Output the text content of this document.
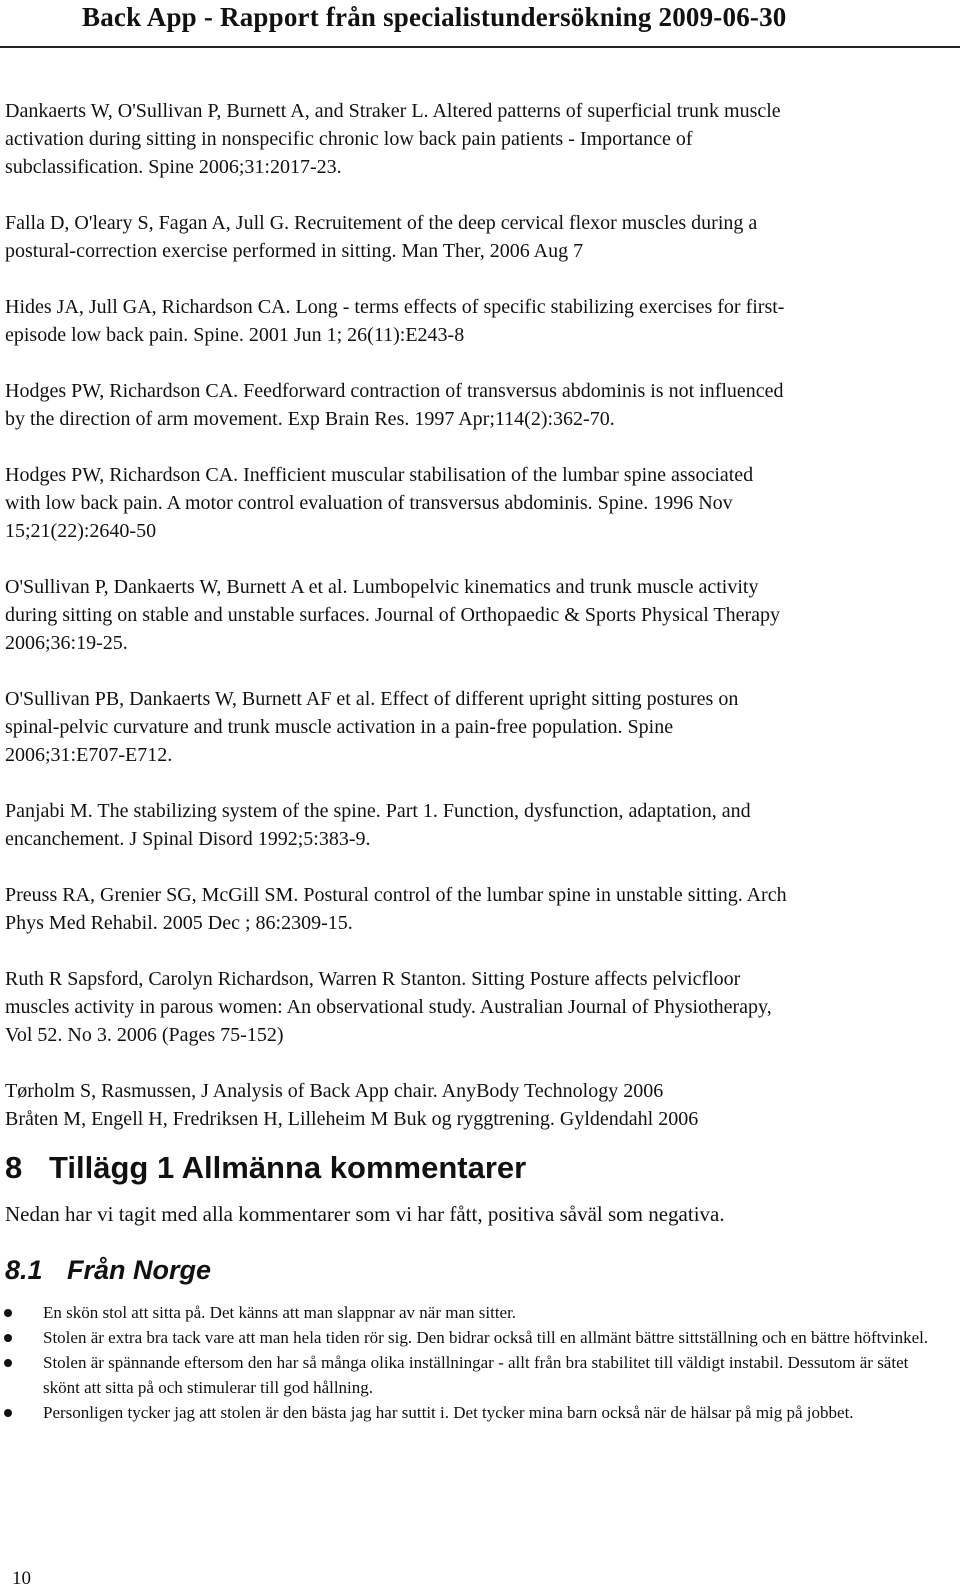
Back App - Rapport från specialistundersökning 2009-06-30
Dankaerts W, O'Sullivan P, Burnett A, and Straker L. Altered patterns of superficial trunk muscle
activation during sitting in nonspecific chronic low back pain patients - Importance of
subclassification. Spine 2006;31:2017-23.
Falla D, O'leary S, Fagan A, Jull G. Recruitement of the deep cervical flexor muscles during a
postural-correction exercise performed in sitting. Man Ther, 2006 Aug 7
Hides JA, Jull GA, Richardson CA. Long - terms effects of specific stabilizing exercises for first-
episode low back pain. Spine. 2001 Jun 1; 26(11):E243-8
Hodges PW, Richardson CA. Feedforward contraction of transversus abdominis is not influenced
by the direction of arm movement. Exp Brain Res. 1997 Apr;114(2):362-70.
Hodges PW, Richardson CA. Inefficient muscular stabilisation of the lumbar spine associated
with low back pain. A motor control evaluation of transversus abdominis. Spine. 1996 Nov
15;21(22):2640-50
O'Sullivan P, Dankaerts W, Burnett A et al. Lumbopelvic kinematics and trunk muscle activity
during sitting on stable and unstable surfaces. Journal of Orthopaedic & Sports Physical Therapy
2006;36:19-25.
O'Sullivan PB, Dankaerts W, Burnett AF et al. Effect of different upright sitting postures on
spinal-pelvic curvature and trunk muscle activation in a pain-free population. Spine
2006;31:E707-E712.
Panjabi M. The stabilizing system of the spine. Part 1. Function, dysfunction, adaptation, and
encanchement. J Spinal Disord 1992;5:383-9.
Preuss RA, Grenier SG, McGill SM. Postural control of the lumbar spine in unstable sitting. Arch
Phys Med Rehabil. 2005 Dec ; 86:2309-15.
Ruth R Sapsford, Carolyn Richardson, Warren R Stanton. Sitting Posture affects pelvicfloor
muscles activity in parous women: An observational study. Australian Journal of Physiotherapy,
Vol 52. No 3. 2006 (Pages 75-152)
Tørholm S, Rasmussen, J Analysis of Back App chair. AnyBody Technology 2006
Bråten M, Engell H, Fredriksen H, Lilleheim M Buk og ryggtrening. Gyldendahl 2006
8 Tillägg 1 Allmänna kommentarer
Nedan har vi tagit med alla kommentarer som vi har fått, positiva såväl som negativa.
8.1 Från Norge
En skön stol att sitta på. Det känns att man slappnar av när man sitter.
Stolen är extra bra tack vare att man hela tiden rör sig. Den bidrar också till en allmänt bättre sittställning och en bättre höftvinkel.
Stolen är spännande eftersom den har så många olika inställningar - allt från bra stabilitet till väldigt instabil. Dessutom är sätet skönt att sitta på och stimulerar till god hållning.
Personligen tycker jag att stolen är den bästa jag har suttit i. Det tycker mina barn också när de hälsar på mig på jobbet.
10
